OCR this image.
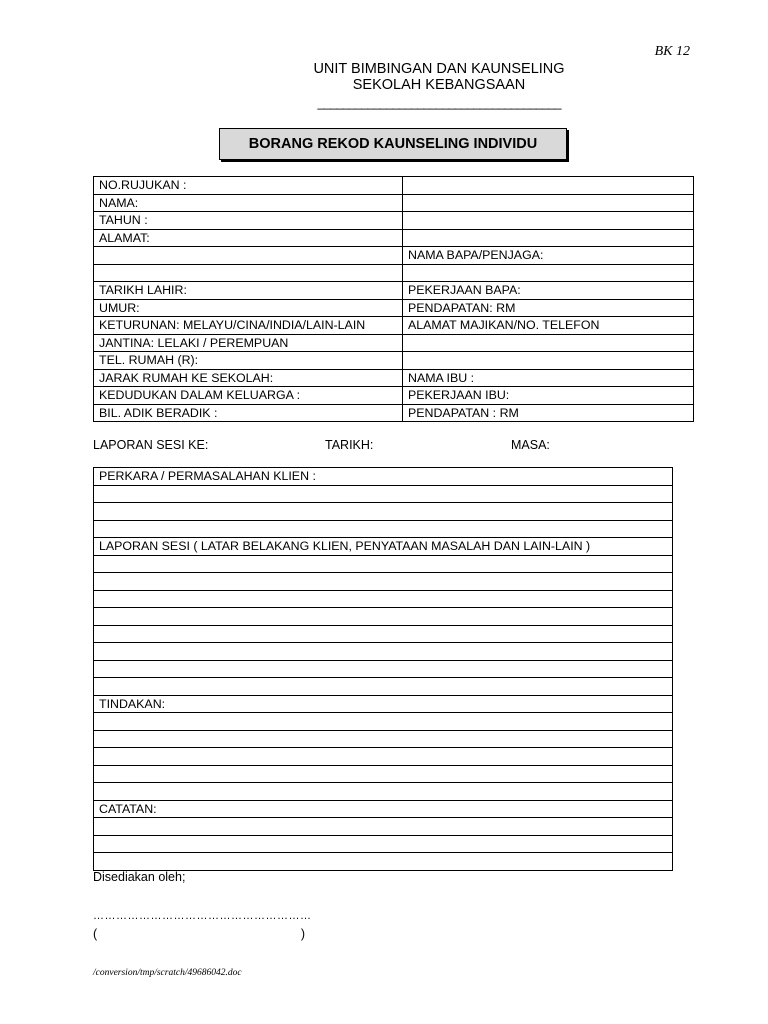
BK 12
UNIT BIMBINGAN DAN KAUNSELING
SEKOLAH KEBANGSAAN
_______________________________________
BORANG REKOD KAUNSELING INDIVIDU
NO.RUJUKAN :	
NAMA:	
TAHUN :	
ALAMAT:	
	NAMA BAPA/PENJAGA:

TARIKH LAHIR:	PEKERJAAN BAPA:
UMUR:	PENDAPATAN: RM
KETURUNAN: MELAYU/CINA/INDIA/LAIN-LAIN	ALAMAT MAJIKAN/NO. TELEFON
JANTINA: LELAKI / PEREMPUAN	
TEL. RUMAH (R):	
JARAK RUMAH KE SEKOLAH:	NAMA IBU :
KEDUDUKAN DALAM KELUARGA :	PEKERJAAN IBU:
BIL. ADIK BERADIK :	PENDAPATAN : RM
LAPORAN SESI KE:	TARIKH:	MASA:
PERKARA / PERMASALAHAN KLIEN :

LAPORAN SESI ( LATAR BELAKANG KLIEN, PENYATAAN MASALAH DAN LAIN-LAIN )

TINDAKAN:

CATATAN:

Disediakan oleh;
…………………………………………………
(	)
/conversion/tmp/scratch/49686042.doc
